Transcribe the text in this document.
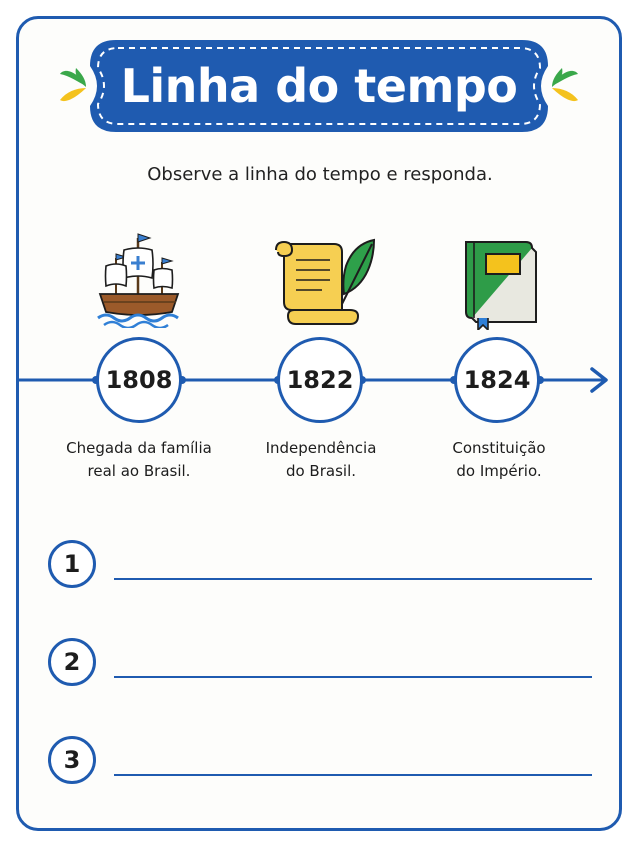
Linha do tempo
Observe a linha do tempo e responda.
1808	1822	1824
Chegada da família
real ao Brasil.
Independência
do Brasil.
Constituição
do Império.
1
2
3
